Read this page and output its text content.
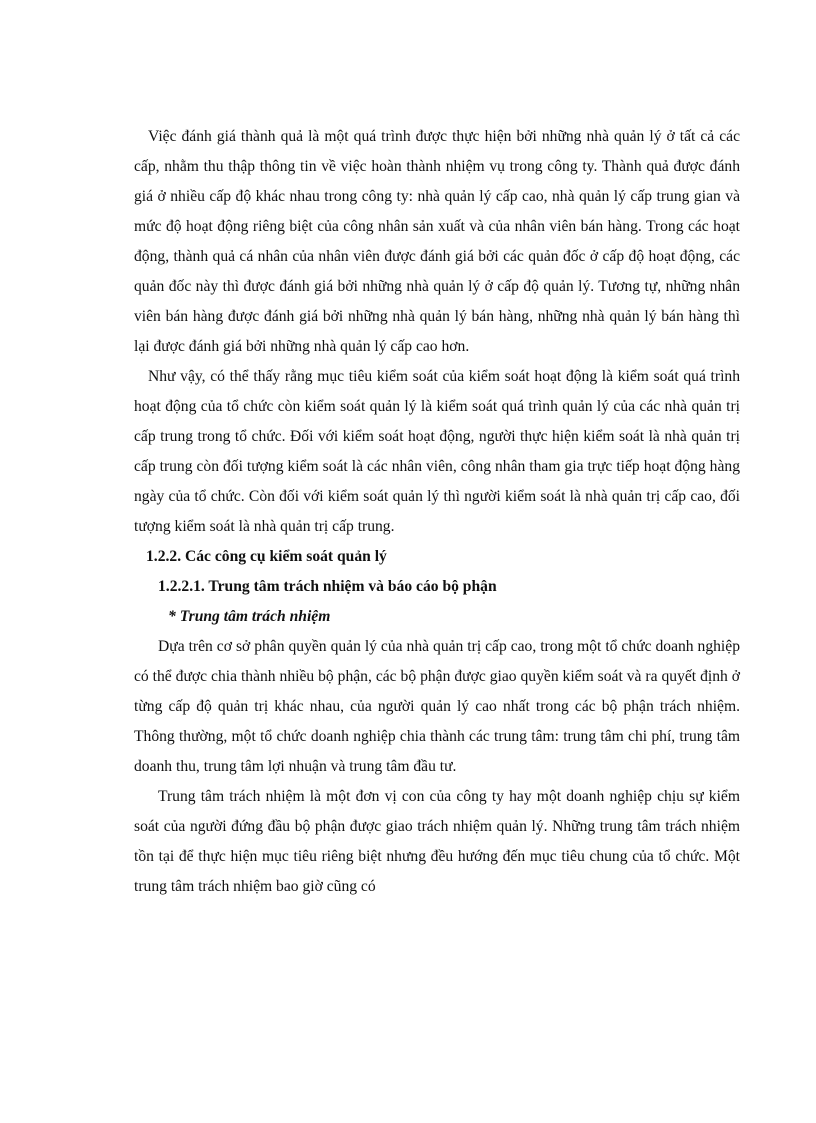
Việc đánh giá thành quả là một quá trình được thực hiện bởi những nhà quản lý ở tất cả các cấp, nhằm thu thập thông tin về việc hoàn thành nhiệm vụ trong công ty. Thành quả được đánh giá ở nhiều cấp độ khác nhau trong công ty: nhà quản lý cấp cao, nhà quản lý cấp trung gian và mức độ hoạt động riêng biệt của công nhân sản xuất và của nhân viên bán hàng. Trong các hoạt động, thành quả cá nhân của nhân viên được đánh giá bởi các quản đốc ở cấp độ hoạt động, các quản đốc này thì được đánh giá bởi những nhà quản lý ở cấp độ quản lý. Tương tự, những nhân viên bán hàng được đánh giá bởi những nhà quản lý bán hàng, những nhà quản lý bán hàng thì lại được đánh giá bởi những nhà quản lý cấp cao hơn.

Như vậy, có thể thấy rằng mục tiêu kiểm soát của kiểm soát hoạt động là kiểm soát quá trình hoạt động của tổ chức còn kiểm soát quản lý là kiểm soát quá trình quản lý của các nhà quản trị cấp trung trong tổ chức. Đối với kiểm soát hoạt động, người thực hiện kiểm soát là nhà quản trị cấp trung còn đối tượng kiểm soát là các nhân viên, công nhân tham gia trực tiếp hoạt động hàng ngày của tổ chức. Còn đối với kiểm soát quản lý thì người kiểm soát là nhà quản trị cấp cao, đối tượng kiểm soát là nhà quản trị cấp trung.

1.2.2. Các công cụ kiểm soát quản lý

1.2.2.1. Trung tâm trách nhiệm và báo cáo bộ phận

* Trung tâm trách nhiệm

Dựa trên cơ sở phân quyền quản lý của nhà quản trị cấp cao, trong một tổ chức doanh nghiệp có thể được chia thành nhiều bộ phận, các bộ phận được giao quyền kiểm soát và ra quyết định ở từng cấp độ quản trị khác nhau, của người quản lý cao nhất trong các bộ phận trách nhiệm. Thông thường, một tổ chức doanh nghiệp chia thành các trung tâm: trung tâm chi phí, trung tâm doanh thu, trung tâm lợi nhuận và trung tâm đầu tư.

Trung tâm trách nhiệm là một đơn vị con của công ty hay một doanh nghiệp chịu sự kiểm soát của người đứng đầu bộ phận được giao trách nhiệm quản lý. Những trung tâm trách nhiệm tồn tại để thực hiện mục tiêu riêng biệt nhưng đều hướng đến mục tiêu chung của tổ chức. Một trung tâm trách nhiệm bao giờ cũng có
